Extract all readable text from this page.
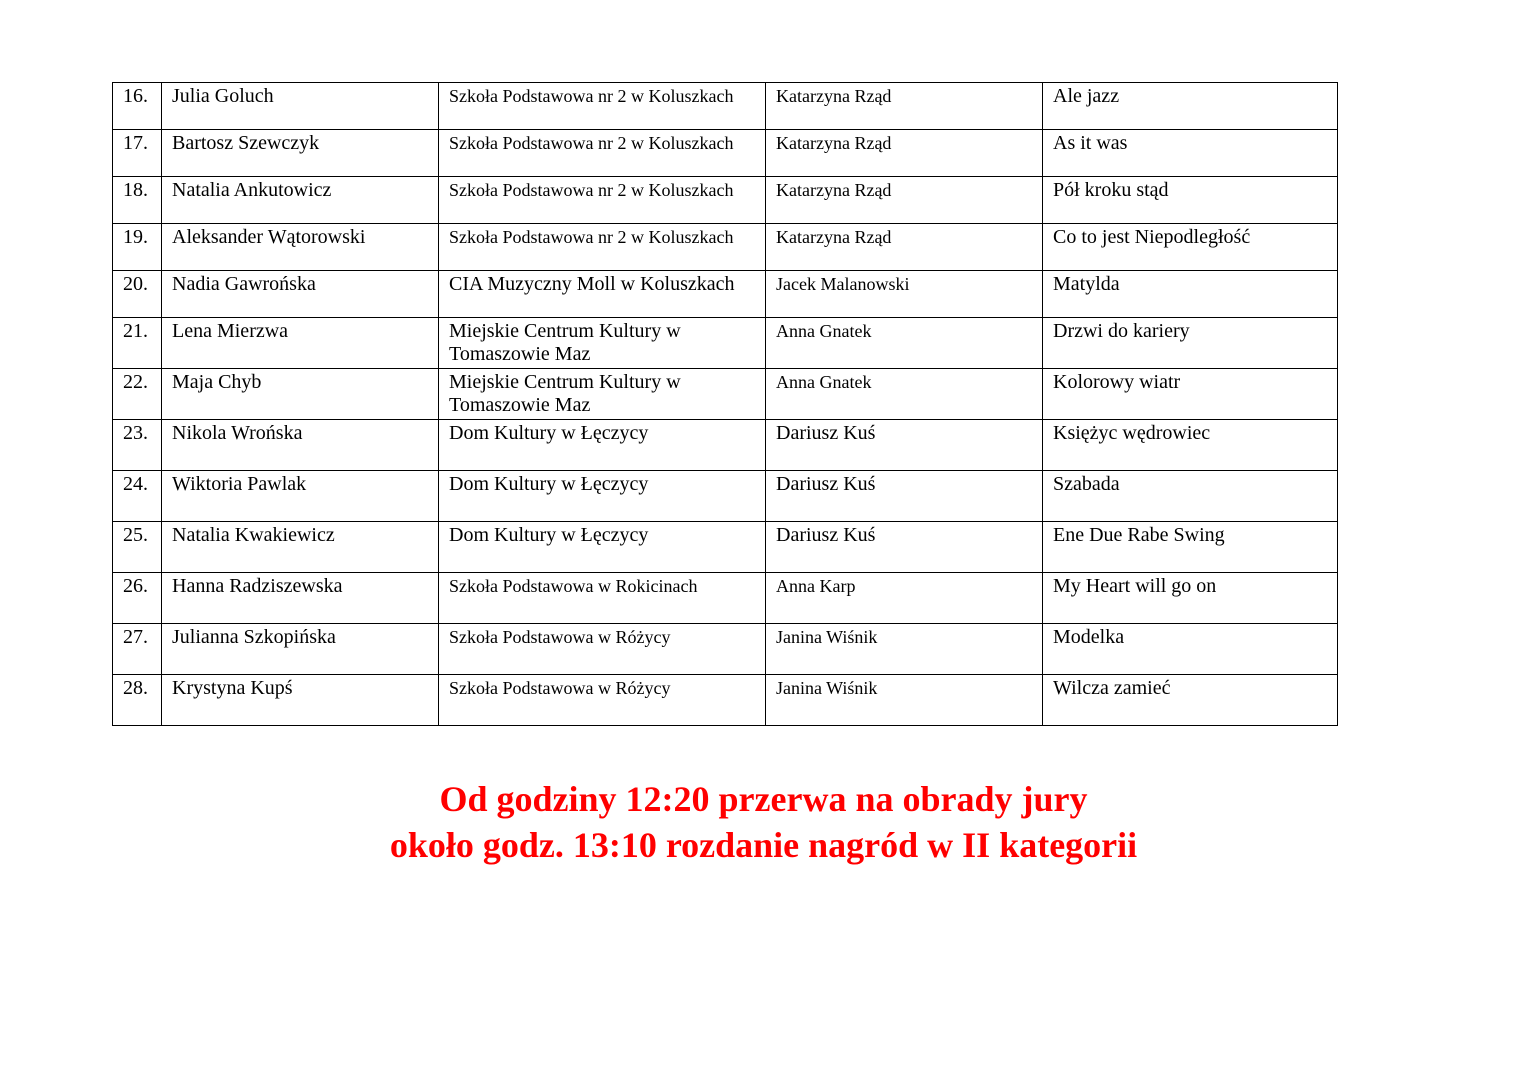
16.	Julia Goluch	Szkoła Podstawowa nr 2 w Koluszkach	Katarzyna Rząd	Ale jazz

17.	Bartosz Szewczyk	Szkoła Podstawowa nr 2 w Koluszkach	Katarzyna Rząd	As it was

18.	Natalia Ankutowicz	Szkoła Podstawowa nr 2 w Koluszkach	Katarzyna Rząd	Pół kroku stąd

19.	Aleksander Wątorowski	Szkoła Podstawowa nr 2 w Koluszkach	Katarzyna Rząd	Co to jest Niepodległość

20.	Nadia Gawrońska	CIA Muzyczny Moll w Koluszkach	Jacek Malanowski	Matylda

21.	Lena Mierzwa	Miejskie Centrum Kultury w Tomaszowie Maz	Anna Gnatek	Drzwi do kariery

22.	Maja Chyb	Miejskie Centrum Kultury w Tomaszowie Maz	Anna Gnatek	Kolorowy wiatr

23.	Nikola Wrońska	Dom Kultury w Łęczycy	Dariusz Kuś	Księżyc wędrowiec

24.	Wiktoria Pawlak	Dom Kultury w Łęczycy	Dariusz Kuś	Szabada

25.	Natalia Kwakiewicz	Dom Kultury w Łęczycy	Dariusz Kuś	Ene Due Rabe Swing

26.	Hanna Radziszewska	Szkoła Podstawowa w Rokicinach	Anna Karp	My Heart will go on

27.	Julianna Szkopińska	Szkoła Podstawowa w Różycy	Janina Wiśnik	Modelka

28.	Krystyna Kupś	Szkoła Podstawowa w Różycy	Janina Wiśnik	Wilcza zamieć
Od godziny 12:20 przerwa na obrady jury
około godz. 13:10 rozdanie nagród w II kategorii
